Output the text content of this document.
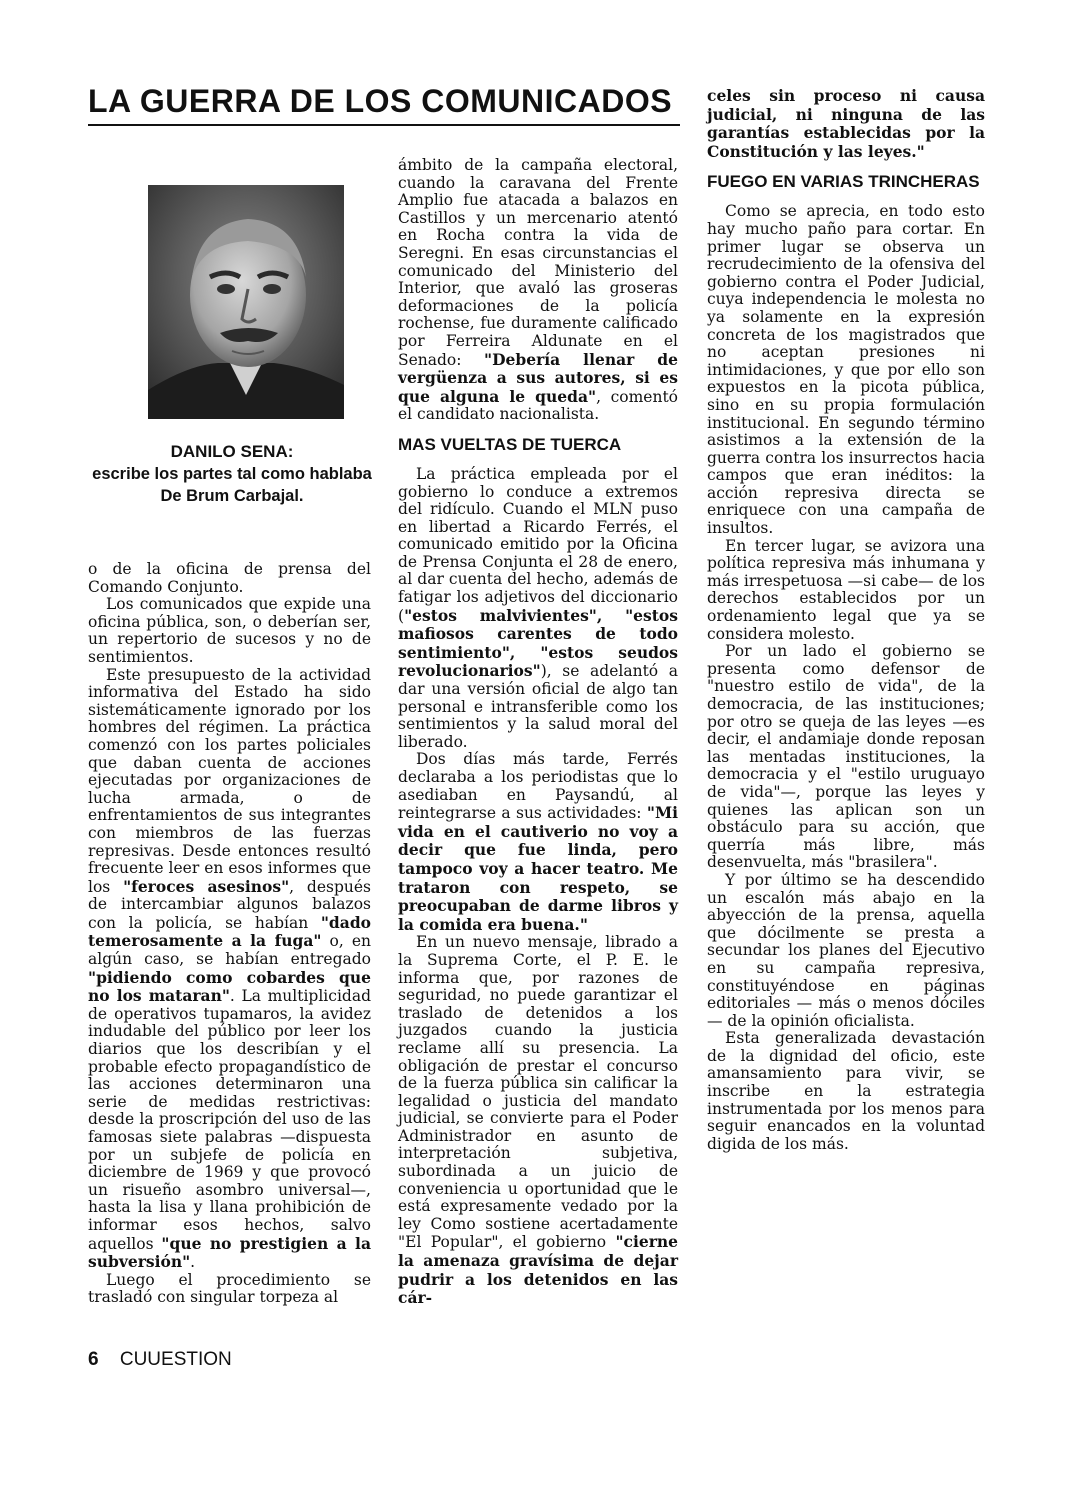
LA GUERRA DE LOS COMUNICADOS
DANILO SENA:
escribe los partes tal como hablaba De Brum Carbajal.

o de la oficina de prensa del Comando Conjunto.

Los comunicados que expide una oficina pública, son, o deberían ser, un repertorio de sucesos y no de sentimientos.

Este presupuesto de la actividad informativa del Estado ha sido sistemáticamente ignorado por los hombres del régimen. La práctica comenzó con los partes policiales que daban cuenta de acciones ejecutadas por organizaciones de lucha armada, o de enfrentamientos de sus integrantes con miembros de las fuerzas represivas. Desde entonces resultó frecuente leer en esos informes que los "feroces asesinos", después de intercambiar algunos balazos con la policía, se habían "dado temerosamente a la fuga" o, en algún caso, se habían entregado "pidiendo como cobardes que no los mataran". La multiplicidad de operativos tupamaros, la avidez indudable del público por leer los diarios que los describían y el probable efecto propagandístico de las acciones determinaron una serie de medidas restrictivas: desde la proscripción del uso de las famosas siete palabras —dispuesta por un subjefe de policía en diciembre de 1969 y que provocó un risueño asombro universal—, hasta la lisa y llana prohibición de informar esos hechos, salvo aquellos "que no prestigien a la subversión".

Luego el procedimiento se trasladó con singular torpeza al

ámbito de la campaña electoral, cuando la caravana del Frente Amplio fue atacada a balazos en Castillos y un mercenario atentó en Rocha contra la vida de Seregni. En esas circunstancias el comunicado del Ministerio del Interior, que avaló las groseras deformaciones de la policía rochense, fue duramente calificado por Ferreira Aldunate en el Senado: "Debería llenar de vergüenza a sus autores, si es que alguna le queda", comentó el candidato nacionalista.

MAS VUELTAS DE TUERCA

La práctica empleada por el gobierno lo conduce a extremos del ridículo. Cuando el MLN puso en libertad a Ricardo Ferrés, el comunicado emitido por la Oficina de Prensa Conjunta el 28 de enero, al dar cuenta del hecho, además de fatigar los adjetivos del diccionario ("estos malvivientes", "estos mafiosos carentes de todo sentimiento", "estos seudos revolucionarios"), se adelantó a dar una versión oficial de algo tan personal e intransferible como los sentimientos y la salud moral del liberado.

Dos días más tarde, Ferrés declaraba a los periodistas que lo asediaban en Paysandú, al reintegrarse a sus actividades: "Mi vida en el cautiverio no voy a decir que fue linda, pero tampoco voy a hacer teatro. Me trataron con respeto, se preocupaban de darme libros y la comida era buena."

En un nuevo mensaje, librado a la Suprema Corte, el P. E. le informa que, por razones de seguridad, no puede garantizar el traslado de detenidos a los juzgados cuando la justicia reclame allí su presencia. La obligación de prestar el concurso de la fuerza pública sin calificar la legalidad o justicia del mandato judicial, se convierte para el Poder Administrador en asunto de interpretación subjetiva, subordinada a un juicio de conveniencia u oportunidad que le está expresamente vedado por la ley Como sostiene acertadamente "El Popular", el gobierno "cierne la amenaza gravísima de dejar pudrir a los detenidos en las cár-

celes sin proceso ni causa judicial, ni ninguna de las garantías establecidas por la Constitución y las leyes."

FUEGO EN VARIAS TRINCHERAS

Como se aprecia, en todo esto hay mucho paño para cortar. En primer lugar se observa un recrudecimiento de la ofensiva del gobierno contra el Poder Judicial, cuya independencia le molesta no ya solamente en la expresión concreta de los magistrados que no aceptan presiones ni intimidaciones, y que por ello son expuestos en la picota pública, sino en su propia formulación institucional. En segundo término asistimos a la extensión de la guerra contra los insurrectos hacia campos que eran inéditos: la acción represiva directa se enriquece con una campaña de insultos.

En tercer lugar, se avizora una política represiva más inhumana y más irrespetuosa —si cabe— de los derechos establecidos por un ordenamiento legal que ya se considera molesto.

Por un lado el gobierno se presenta como defensor de "nuestro estilo de vida", de la democracia, de las instituciones; por otro se queja de las leyes —es decir, el andamiaje donde reposan las mentadas instituciones, la democracia y el "estilo uruguayo de vida"—, porque las leyes y quienes las aplican son un obstáculo para su acción, que querría más libre, más desenvuelta, más "brasilera".

Y por último se ha descendido un escalón más abajo en la abyección de la prensa, aquella que dócilmente se presta a secundar los planes del Ejecutivo en su campaña represiva, constituyéndose en páginas editoriales — más o menos dóciles— de la opinión oficialista.

Esta generalizada devastación de la dignidad del oficio, este amansamiento para vivir, se inscribe en la estrategia instrumentada por los menos para seguir enancados en la voluntad digida de los más.

6 CUUESTION
